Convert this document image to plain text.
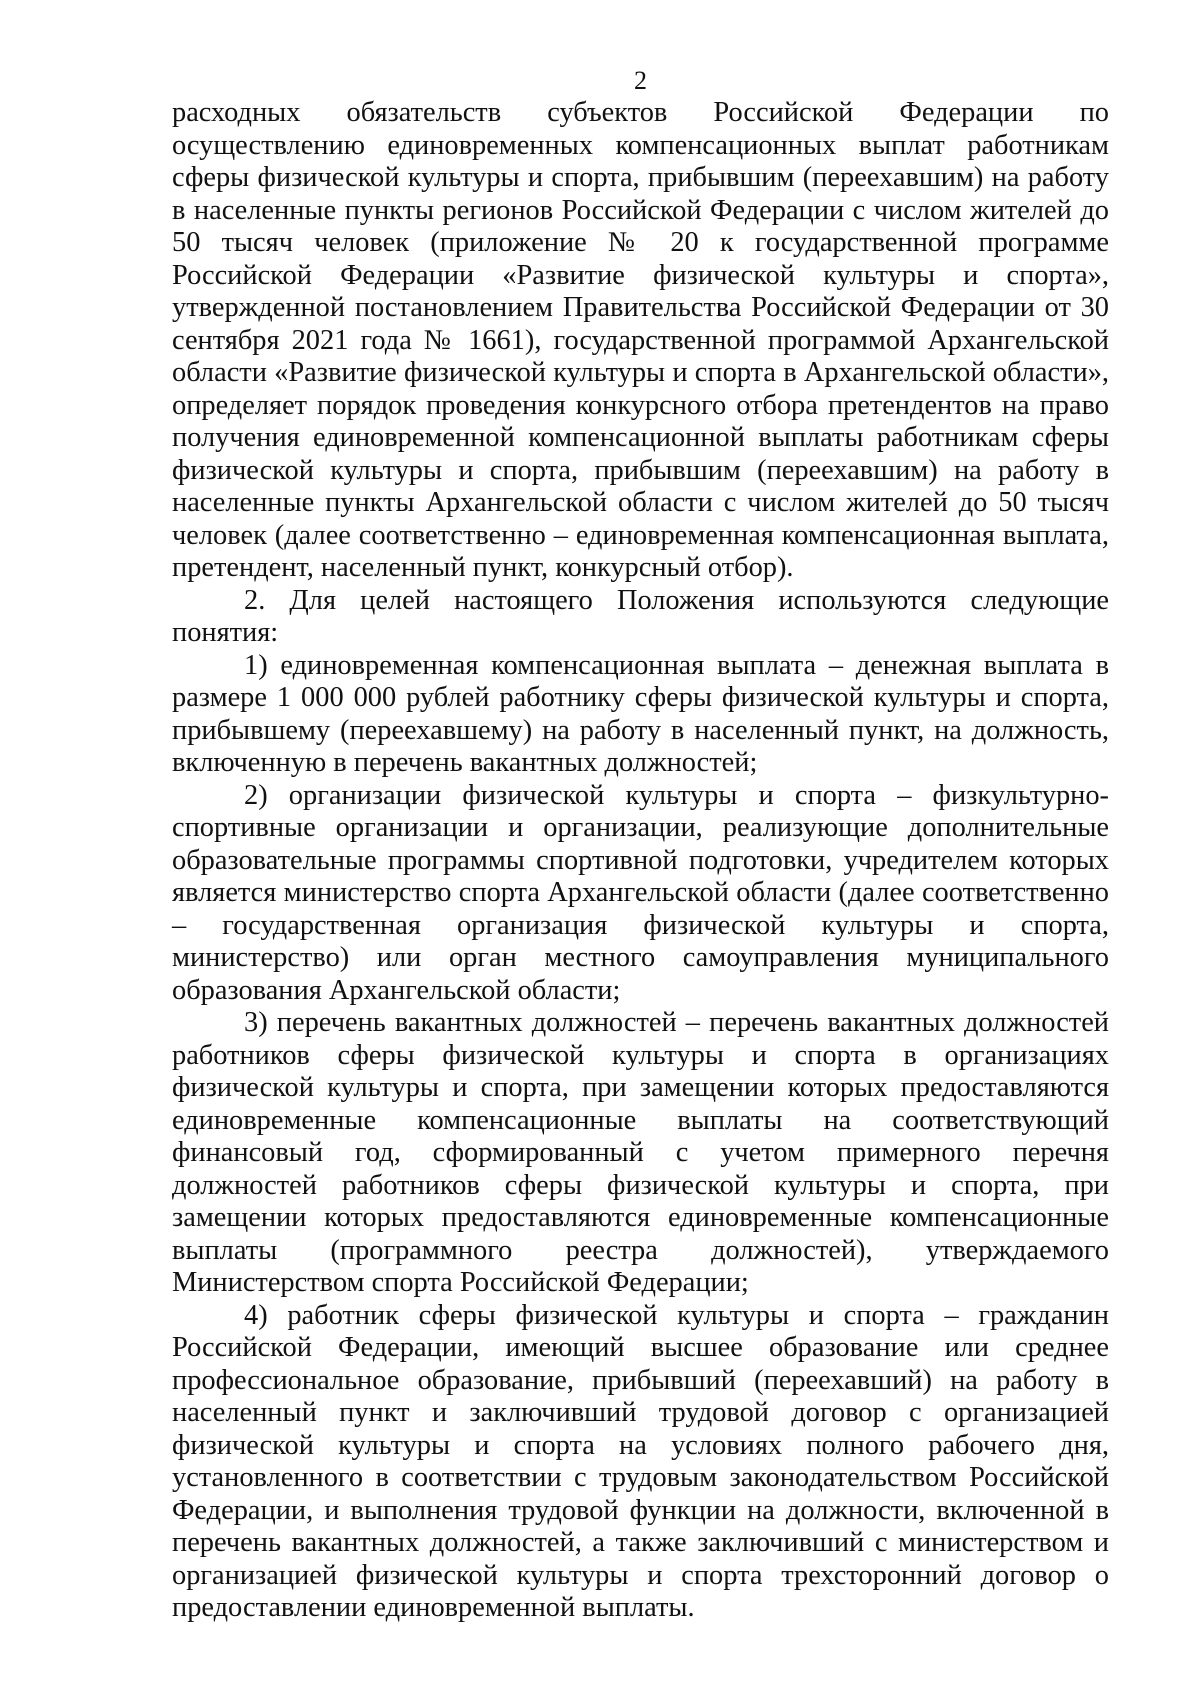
2

расходных обязательств субъектов Российской Федерации по осуществлению единовременных компенсационных выплат работникам сферы физической культуры и спорта, прибывшим (переехавшим) на работу в населенные пункты регионов Российской Федерации с числом жителей до 50 тысяч человек (приложение № 20 к государственной программе Российской Федерации «Развитие физической культуры и спорта», утвержденной постановлением Правительства Российской Федерации от 30 сентября 2021 года № 1661), государственной программой Архангельской области «Развитие физической культуры и спорта в Архангельской области», определяет порядок проведения конкурсного отбора претендентов на право получения единовременной компенсационной выплаты работникам сферы физической культуры и спорта, прибывшим (переехавшим) на работу в населенные пункты Архангельской области с числом жителей до 50 тысяч человек (далее соответственно – единовременная компенсационная выплата, претендент, населенный пункт, конкурсный отбор).

2. Для целей настоящего Положения используются следующие понятия:

1) единовременная компенсационная выплата – денежная выплата в размере 1 000 000 рублей работнику сферы физической культуры и спорта, прибывшему (переехавшему) на работу в населенный пункт, на должность, включенную в перечень вакантных должностей;

2) организации физической культуры и спорта – физкультурно-спортивные организации и организации, реализующие дополнительные образовательные программы спортивной подготовки, учредителем которых является министерство спорта Архангельской области (далее соответственно – государственная организация физической культуры и спорта, министерство) или орган местного самоуправления муниципального образования Архангельской области;

3) перечень вакантных должностей – перечень вакантных должностей работников сферы физической культуры и спорта в организациях физической культуры и спорта, при замещении которых предоставляются единовременные компенсационные выплаты на соответствующий финансовый год, сформированный с учетом примерного перечня должностей работников сферы физической культуры и спорта, при замещении которых предоставляются единовременные компенсационные выплаты (программного реестра должностей), утверждаемого Министерством спорта Российской Федерации;

4) работник сферы физической культуры и спорта – гражданин Российской Федерации, имеющий высшее образование или среднее профессиональное образование, прибывший (переехавший) на работу в населенный пункт и заключивший трудовой договор с организацией физической культуры и спорта на условиях полного рабочего дня, установленного в соответствии с трудовым законодательством Российской Федерации, и выполнения трудовой функции на должности, включенной в перечень вакантных должностей, а также заключивший с министерством и организацией физической культуры и спорта трехсторонний договор о предоставлении единовременной выплаты.
